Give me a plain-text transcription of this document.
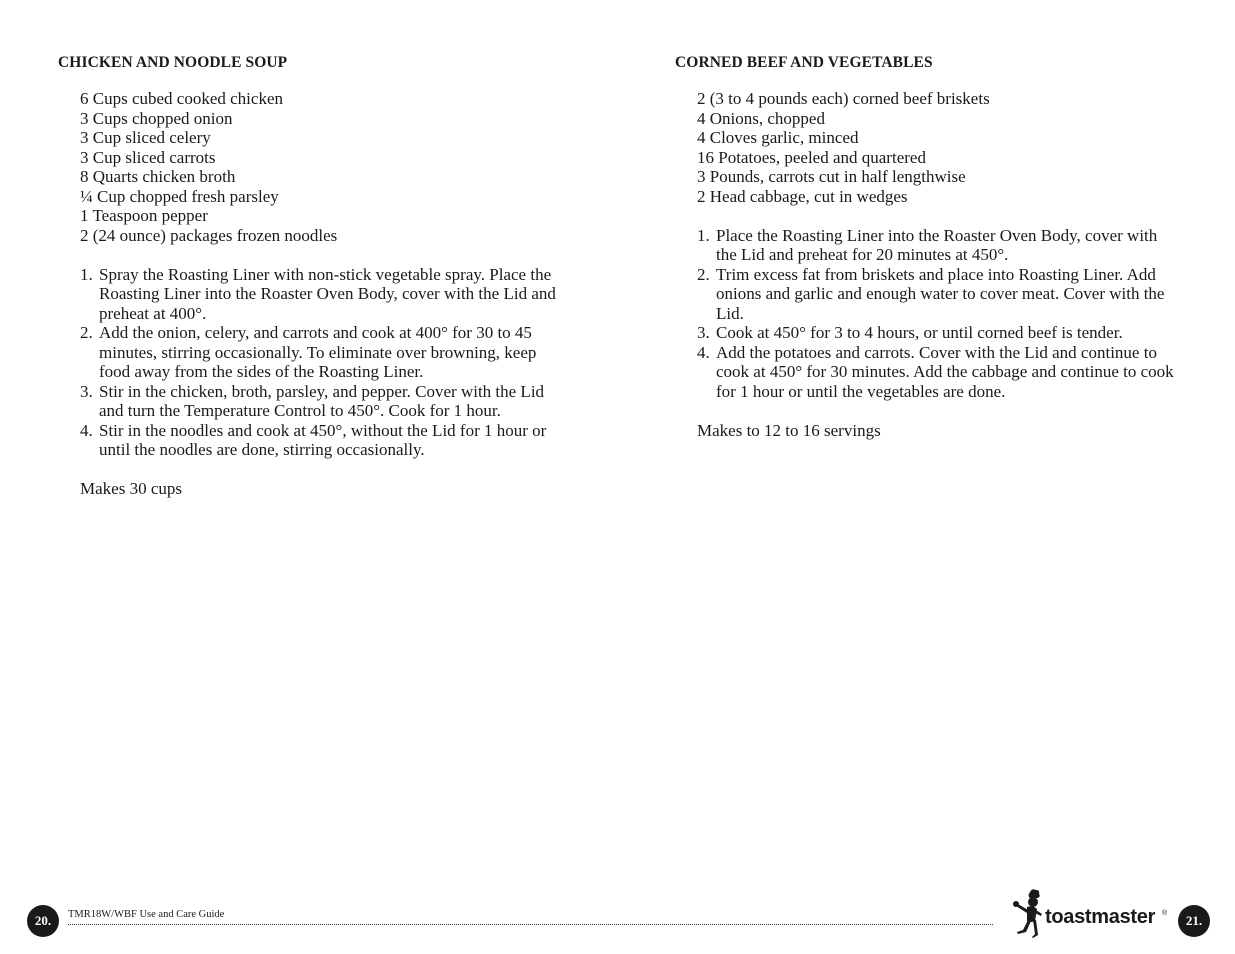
CHICKEN AND NOODLE SOUP
6 Cups cubed cooked chicken
3 Cups chopped onion
3 Cup sliced celery
3 Cup sliced carrots
8 Quarts chicken broth
¼ Cup chopped fresh parsley
1 Teaspoon pepper
2 (24 ounce) packages frozen noodles
1. Spray the Roasting Liner with non-stick vegetable spray. Place the Roasting Liner into the Roaster Oven Body, cover with the Lid and preheat at 400°.
2. Add the onion, celery, and carrots and cook at 400° for 30 to 45 minutes, stirring occasionally. To eliminate over browning, keep food away from the sides of the Roasting Liner.
3. Stir in the chicken, broth, parsley, and pepper. Cover with the Lid and turn the Temperature Control to 450°. Cook for 1 hour.
4. Stir in the noodles and cook at 450°, without the Lid for 1 hour or until the noodles are done, stirring occasionally.

Makes 30 cups

CORNED BEEF AND VEGETABLES
2 (3 to 4 pounds each) corned beef briskets
4 Onions, chopped
4 Cloves garlic, minced
16 Potatoes, peeled and quartered
3 Pounds, carrots cut in half lengthwise
2 Head cabbage, cut in wedges
1. Place the Roasting Liner into the Roaster Oven Body, cover with the Lid and preheat for 20 minutes at 450°.
2. Trim excess fat from briskets and place into Roasting Liner. Add onions and garlic and enough water to cover meat. Cover with the Lid.
3. Cook at 450° for 3 to 4 hours, or until corned beef is tender.
4. Add the potatoes and carrots. Cover with the Lid and continue to cook at 450° for 30 minutes. Add the cabbage and continue to cook for 1 hour or until the vegetables are done.

Makes to 12 to 16 servings

20.	TMR18W/WBF Use and Care Guide	toastmaster ®	21.
